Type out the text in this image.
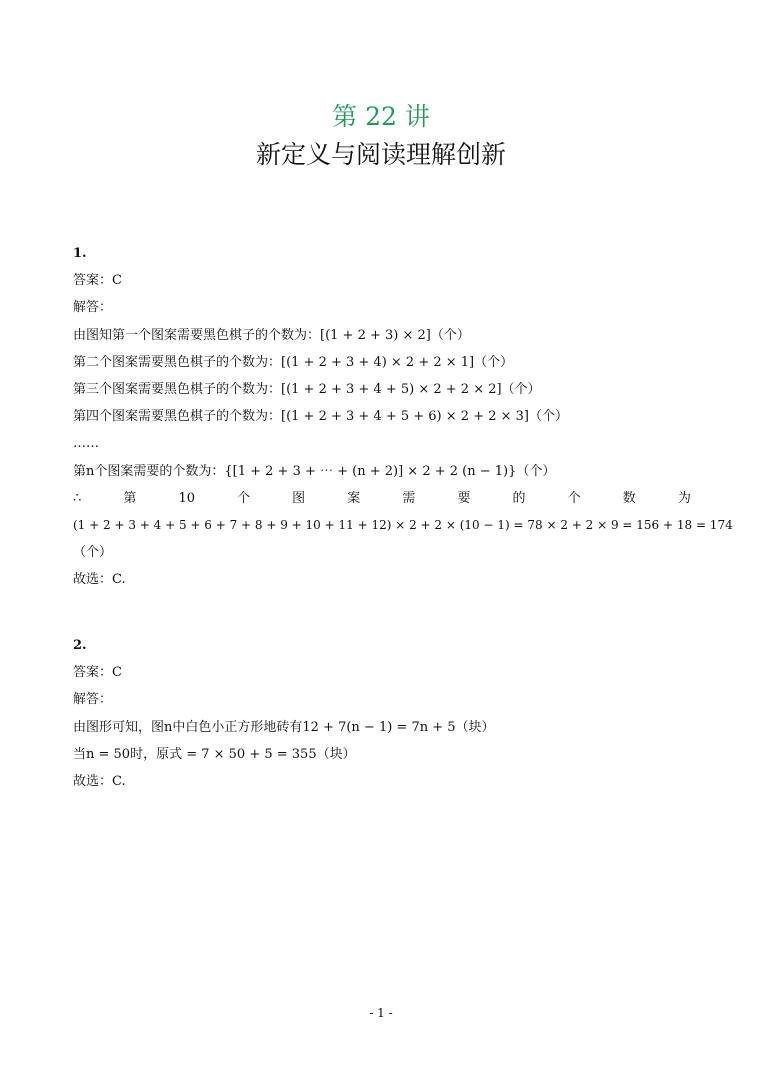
第 22 讲
新定义与阅读理解创新
1.
答案：C
解答：
由图知第一个图案需要黑色棋子的个数为：[(1 + 2 + 3) × 2]（个）
第二个图案需要黑色棋子的个数为：[(1 + 2 + 3 + 4) × 2 + 2 × 1]（个）
第三个图案需要黑色棋子的个数为：[(1 + 2 + 3 + 4 + 5) × 2 + 2 × 2]（个）
第四个图案需要黑色棋子的个数为：[(1 + 2 + 3 + 4 + 5 + 6) × 2 + 2 × 3]（个）
……
第n个图案需要的个数为：{[1 + 2 + 3 + ⋯ + (n + 2)] × 2 + 2 (n − 1)}（个）
∴	第	10	个	图	案	需	要	的	个	数	为
(1 + 2 + 3 + 4 + 5 + 6 + 7 + 8 + 9 + 10 + 11 + 12) × 2 + 2 × (10 − 1) = 78 × 2 + 2 × 9 = 156 + 18 = 174
（个）
故选：C.
2.
答案：C
解答：
由图形可知，图n中白色小正方形地砖有12 + 7(n − 1) = 7n + 5（块）
当n = 50时，原式 = 7 × 50 + 5 = 355（块）
故选：C.
- 1 -
